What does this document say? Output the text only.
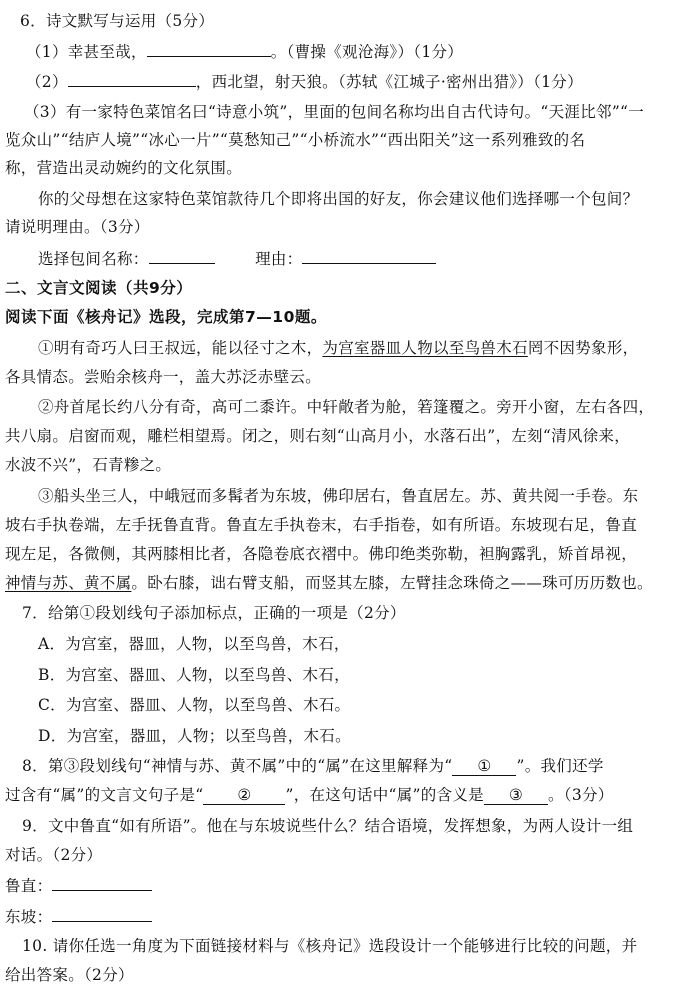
6．诗文默写与运用（5分）
（1）幸甚至哉，	。（曹操《观沧海》）（1分）
（2）	，西北望，射天狼。（苏轼《江城子·密州出猎》）（1分）
（3）有一家特色菜馆名曰“诗意小筑”，里面的包间名称均出自古代诗句。“天涯比邻”“一
览众山”“结庐人境”“冰心一片”“莫愁知己”“小桥流水”“西出阳关”这一系列雅致的名
称，营造出灵动婉约的文化氛围。
你的父母想在这家特色菜馆款待几个即将出国的好友，你会建议他们选择哪一个包间？
请说明理由。（3分）
选择包间名称：	理由：
二、文言文阅读（共9分）
阅读下面《核舟记》选段，完成第7—10题。
①明有奇巧人曰王叔远，能以径寸之木，为宫室器皿人物以至鸟兽木石罔不因势象形，
各具情态。尝贻余核舟一，盖大苏泛赤壁云。
②舟首尾长约八分有奇，高可二黍许。中轩敞者为舱，箬篷覆之。旁开小窗，左右各四，
共八扇。启窗而观，雕栏相望焉。闭之，则右刻“山高月小，水落石出”，左刻“清风徐来，
水波不兴”，石青糁之。
③船头坐三人，中峨冠而多髯者为东坡，佛印居右，鲁直居左。苏、黄共阅一手卷。东
坡右手执卷端，左手抚鲁直背。鲁直左手执卷末，右手指卷，如有所语。东坡现右足，鲁直
现左足，各微侧，其两膝相比者，各隐卷底衣褶中。佛印绝类弥勒，袒胸露乳，矫首昂视，
神情与苏、黄不属。卧右膝，诎右臂支船，而竖其左膝，左臂挂念珠倚之——珠可历历数也。
7．给第①段划线句子添加标点，正确的一项是（2分）
A．为宫室，器皿，人物，以至鸟兽，木石，
B．为宫室、器皿、人物，以至鸟兽、木石，
C．为宫室、器皿、人物，以至鸟兽、木石。
D．为宫室，器皿，人物；以至鸟兽，木石。
8．第③段划线句“神情与苏、黄不属”中的“属”在这里解释为“ ① ”。我们还学
过含有“属”的文言文句子是“ ② ”，在这句话中“属”的含义是 ③ 。（3分）
9．文中鲁直“如有所语”。他在与东坡说些什么？结合语境，发挥想象，为两人设计一组
对话。（2分）
鲁直：
东坡：
10. 请你任选一角度为下面链接材料与《核舟记》选段设计一个能够进行比较的问题，并
给出答案。（2分）
